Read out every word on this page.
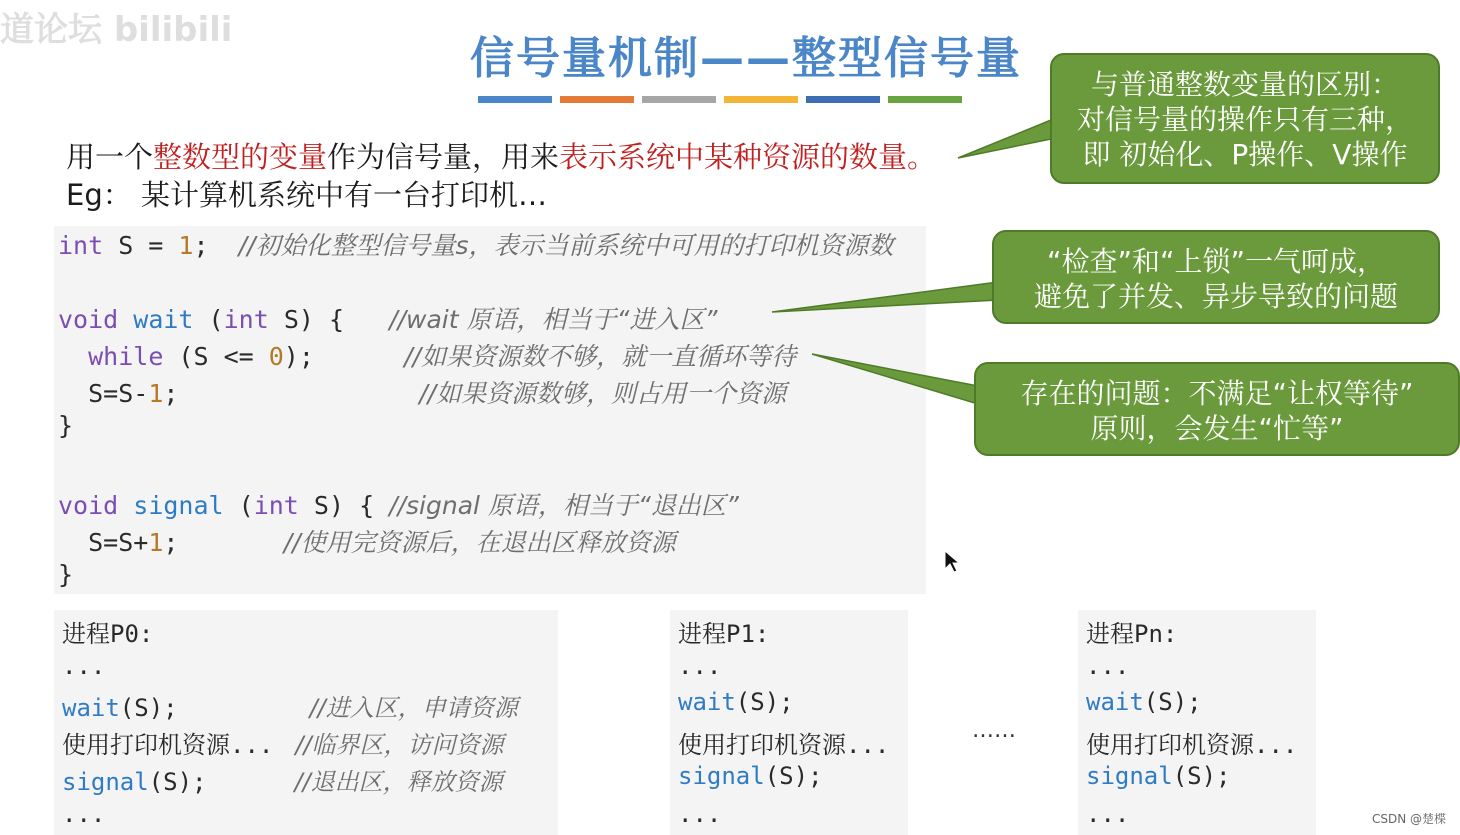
道论坛 bilibili
信号量机制——整型信号量
用一个整数型的变量作为信号量，用来表示系统中某种资源的数量。
Eg： 某计算机系统中有一台打印机…
int S = 1;  //初始化整型信号量s，表示当前系统中可用的打印机资源数
void wait (int S) {   //wait 原语，相当于“进入区”
while (S <= 0);      //如果资源数不够，就一直循环等待
S=S-1;                //如果资源数够，则占用一个资源
}
void signal (int S) { //signal 原语，相当于“退出区”
S=S+1;       //使用完资源后，在退出区释放资源
}
进程P0:
...
wait(S);	//进入区，申请资源
使用打印机资源... //临界区，访问资源
signal(S);	//退出区，释放资源
...
进程P1:
...
wait(S);
使用打印机资源...
signal(S);
...
……
进程Pn:
...
wait(S);
使用打印机资源...
signal(S);
...
与普通整数变量的区别：
对信号量的操作只有三种，
即 初始化、P操作、V操作
“检查”和“上锁”一气呵成，
避免了并发、异步导致的问题
存在的问题：不满足“让权等待”
原则，会发生“忙等”
CSDN @楚楪
